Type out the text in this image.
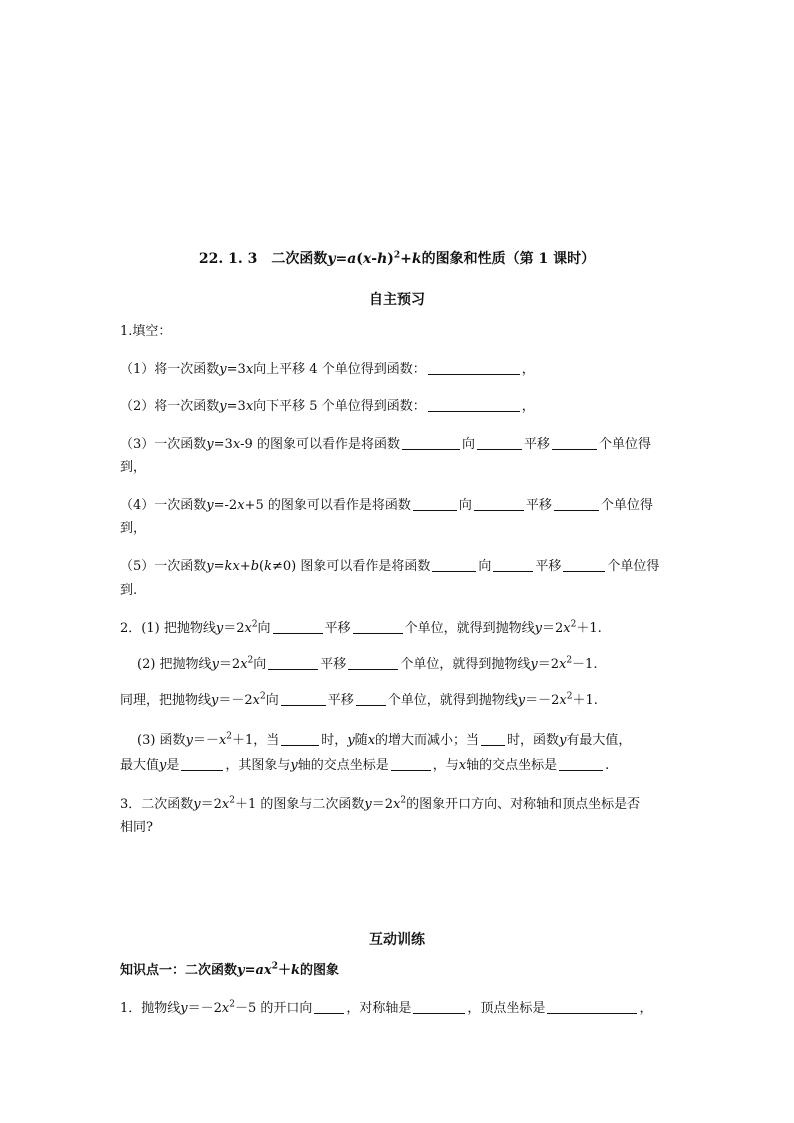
22. 1. 3　二次函数$y=a(x-h)^2+k$的图象和性质（第 1 课时）
自主预习
1.填空：
（1）将一次函数y=3x向上平移 4 个单位得到函数：	，
（2）将一次函数y=3x向下平移 5 个单位得到函数：	，
（3）一次函数y=3x-9 的图象可以看作是将函数	向	平移	个单位得
到，
（4）一次函数y=-2x+5 的图象可以看作是将函数	向	平移	个单位得
到，
（5）一次函数y=kx+b(k≠0) 图象可以看作是将函数	向	平移	个单位得
到.
2．(1) 把抛物线$y=2x^2$向	平移	个单位，就得到抛物线$y=2x^2+1$.
(2) 把抛物线$y=2x^2$向	平移	个单位，就得到抛物线$y=2x^2-1$.
同理，把抛物线$y=-2x^2$向	平移	个单位，就得到抛物线$y=-2x^2+1$.
(3) 函数$y=-x^2+1$，当	时，y随x的增大而减小；当 时，函数y有最大值，
最大值y是	，其图象与y轴的交点坐标是	，与x轴的交点坐标是	.
3．二次函数$y=2x^2+1$ 的图象与二次函数$y=2x^2$的图象开口方向、对称轴和顶点坐标是否
相同?
互动训练
知识点一：二次函数$y=ax^2+k$的图象
1．抛物线$y=-2x^2-5$ 的开口向	，对称轴是	，顶点坐标是	，
